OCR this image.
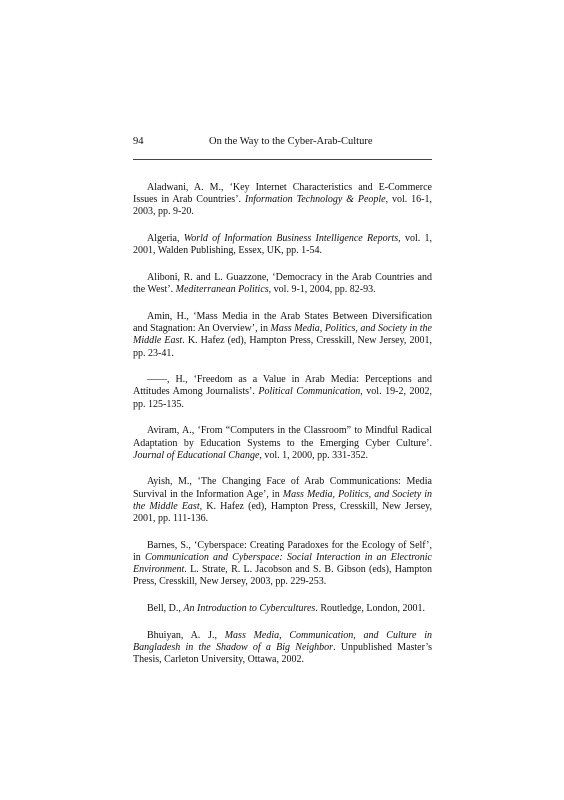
94	On the Way to the Cyber-Arab-Culture

Aladwani, A. M., ‘Key Internet Characteristics and E-Commerce Issues in Arab Countries’. Information Technology & People, vol. 16-1, 2003, pp. 9-20.

Algeria, World of Information Business Intelligence Reports, vol. 1, 2001, Walden Publishing, Essex, UK, pp. 1-54.

Aliboni, R. and L. Guazzone, ‘Democracy in the Arab Countries and the West’. Mediterranean Politics, vol. 9-1, 2004, pp. 82-93.

Amin, H., ‘Mass Media in the Arab States Between Diversification and Stagnation: An Overview’, in Mass Media, Politics, and Society in the Middle East. K. Hafez (ed), Hampton Press, Cresskill, New Jersey, 2001, pp. 23-41.

——, H., ‘Freedom as a Value in Arab Media: Perceptions and Attitudes Among Journalists’. Political Communication, vol. 19-2, 2002, pp. 125-135.

Aviram, A., ‘From “Computers in the Classroom” to Mindful Radical Adaptation by Education Systems to the Emerging Cyber Culture’. Journal of Educational Change, vol. 1, 2000, pp. 331-352.

Ayish, M., ‘The Changing Face of Arab Communications: Media Survival in the Information Age’, in Mass Media, Politics, and Society in the Middle East, K. Hafez (ed), Hampton Press, Cresskill, New Jersey, 2001, pp. 111-136.

Barnes, S., ‘Cyberspace: Creating Paradoxes for the Ecology of Self’, in Communication and Cyberspace: Social Interaction in an Electronic Environment. L. Strate, R. L. Jacobson and S. B. Gibson (eds), Hampton Press, Cresskill, New Jersey, 2003, pp. 229-253.

Bell, D., An Introduction to Cybercultures. Routledge, London, 2001.

Bhuiyan, A. J., Mass Media, Communication, and Culture in Bangladesh in the Shadow of a Big Neighbor. Unpublished Master’s Thesis, Carleton University, Ottawa, 2002.
